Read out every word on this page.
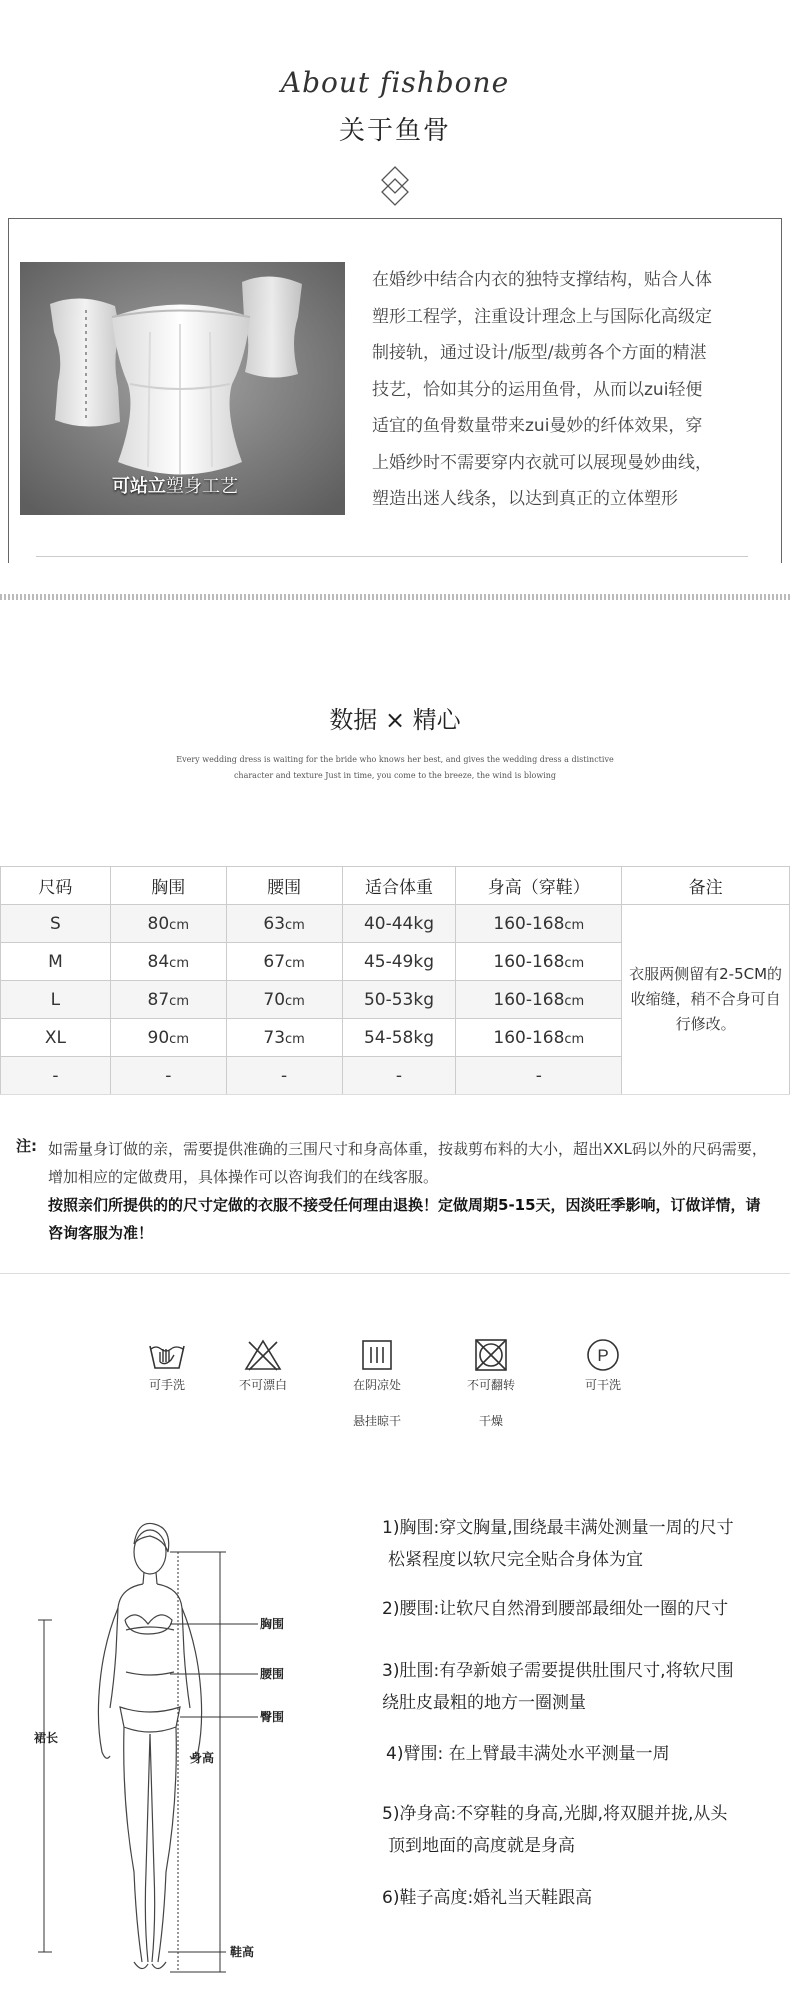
About fishbone
关于鱼骨
可站立塑身工艺
在婚纱中结合内衣的独特支撑结构，贴合人体
塑形工程学，注重设计理念上与国际化高级定
制接轨，通过设计/版型/裁剪各个方面的精湛
技艺，恰如其分的运用鱼骨，从而以zui轻便
适宜的鱼骨数量带来zui曼妙的纤体效果，穿
上婚纱时不需要穿内衣就可以展现曼妙曲线，
塑造出迷人线条，以达到真正的立体塑形
数据 × 精心
Every wedding dress is waiting for the bride who knows her best, and gives the wedding dress a distinctive
character and texture Just in time, you come to the breeze, the wind is blowing
尺码	胸围	腰围	适合体重	身高（穿鞋）	备注
S	80cm	63cm	40-44kg	160-168cm	衣服两侧留有2-5CM的收缩缝，稍不合身可自行修改。
M	84cm	67cm	45-49kg	160-168cm	
L	87cm	70cm	50-53kg	160-168cm	
XL	90cm	73cm	54-58kg	160-168cm	
-	-	-	-	-	
注: 如需量身订做的亲，需要提供准确的三围尺寸和身高体重，按裁剪布料的大小，超出XXL码以外的尺码需要，增加相应的定做费用，具体操作可以咨询我们的在线客服。
按照亲们所提供的的尺寸定做的衣服不接受任何理由退换！定做周期5-15天，因淡旺季影响，订做详情，请咨询客服为准！
可手洗	不可漂白	在阴凉处

悬挂晾干
不可翻转

干燥
P
可干洗
裙长
身高
胸围
腰围
臀围
鞋高
1)胸围:穿文胸量,围绕最丰满处测量一周的尺寸
松紧程度以软尺完全贴合身体为宜
2)腰围:让软尺自然滑到腰部最细处一圈的尺寸
3)肚围:有孕新娘子需要提供肚围尺寸,将软尺围
绕肚皮最粗的地方一圈测量
4)臂围: 在上臂最丰满处水平测量一周
5)净身高:不穿鞋的身高,光脚,将双腿并拢,从头
顶到地面的高度就是身高
6)鞋子高度:婚礼当天鞋跟高
